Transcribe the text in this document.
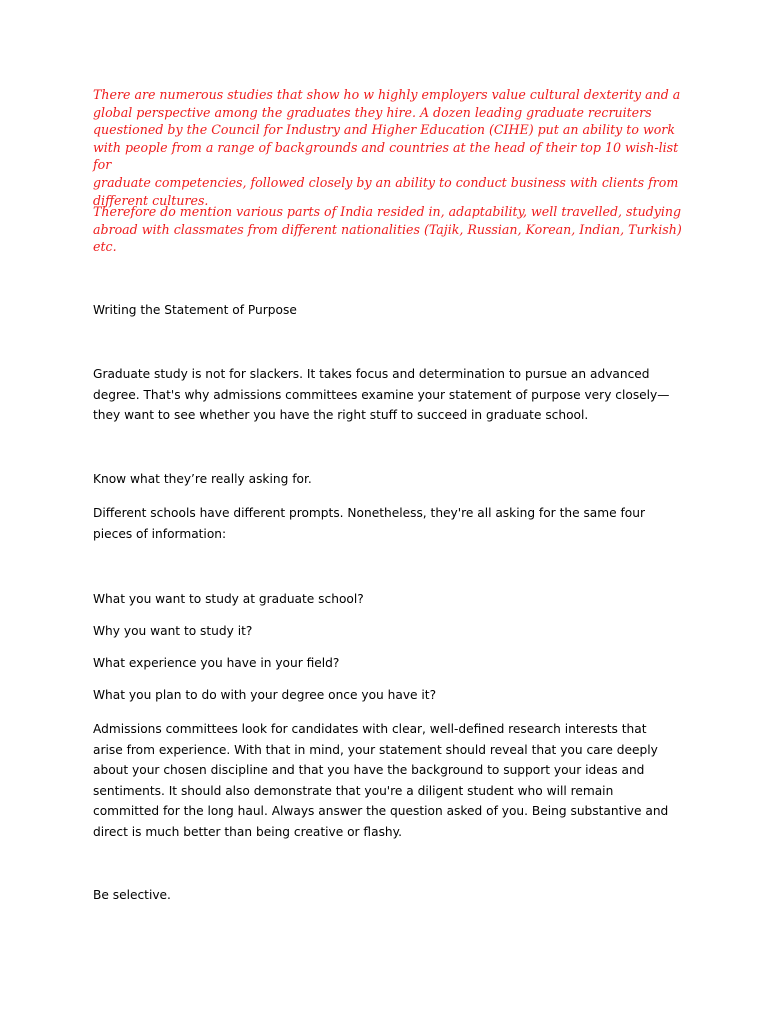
There are numerous studies that show ho w highly employers value cultural dexterity and a
global perspective among the graduates they hire. A dozen leading graduate recruiters
questioned by the Council for Industry and Higher Education (CIHE) put an ability to work
with people from a range of backgrounds and countries at the head of their top 10 wish-list for
graduate competencies, followed closely by an ability to conduct business with clients from
different cultures.

Therefore do mention various parts of India resided in, adaptability, well travelled, studying
abroad with classmates from different nationalities (Tajik, Russian, Korean, Indian, Turkish)
etc.

Writing the Statement of Purpose

Graduate study is not for slackers. It takes focus and determination to pursue an advanced
degree. That's why admissions committees examine your statement of purpose very closely—
they want to see whether you have the right stuff to succeed in graduate school.

Know what they’re really asking for.

Different schools have different prompts. Nonetheless, they're all asking for the same four
pieces of information:

What you want to study at graduate school?

Why you want to study it?

What experience you have in your field?

What you plan to do with your degree once you have it?

Admissions committees look for candidates with clear, well-defined research interests that
arise from experience. With that in mind, your statement should reveal that you care deeply
about your chosen discipline and that you have the background to support your ideas and
sentiments. It should also demonstrate that you're a diligent student who will remain
committed for the long haul. Always answer the question asked of you. Being substantive and
direct is much better than being creative or flashy.

Be selective.
